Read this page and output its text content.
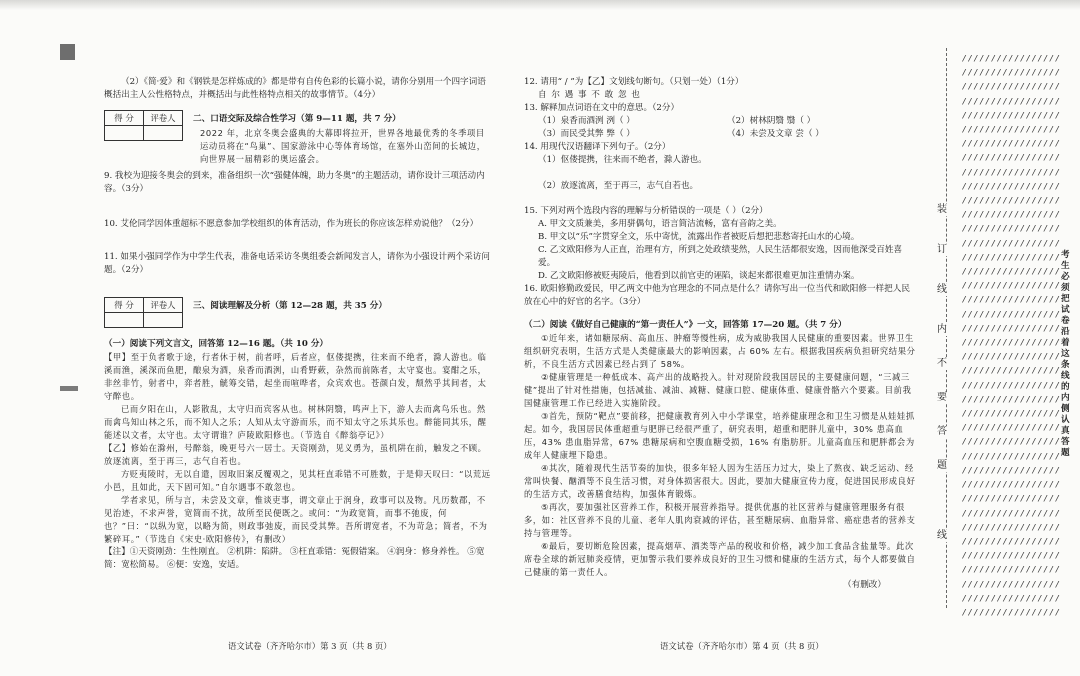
（2）《简·爱》和《钢铁是怎样炼成的》都是带有自传色彩的长篇小说，请你分别用一个四字词语概括出主人公性格特点，并概括出与此性格特点相关的故事情节。（4分）

得 分	评卷人
	二、口语交际及综合性学习（第 9—11 题，共 7 分）

2022 年，北京冬奥会盛典的大幕即将拉开，世界各地最优秀的冬季项目运动员将在“鸟巢”、国家游泳中心等体育场馆，在塞外山峦间的长城边，向世界展一届精彩的奥运盛会。

9. 我校为迎接冬奥会的到来，准备组织一次“强健体魄，助力冬奥”的主题活动，请你设计三项活动内容。（3分）

10. 艾伦同学因体重超标不愿意参加学校组织的体育活动，作为班长的你应该怎样劝说他？（2分）

11. 如果小强同学作为中学生代表，准备电话采访冬奥组委会新闻发言人，请你为小强设计两个采访问题。（2分）

得 分	评卷人
	三、阅读理解及分析（第 12—28 题，共 35 分）

（一）阅读下列文言文，回答第 12—16 题。（共 10 分）

【甲】至于负者歌于途，行者休于树，前者呼，后者应，伛偻提携，往来而不绝者，滁人游也。临溪而渔，溪深而鱼肥，酿泉为酒，泉香而酒洌，山肴野蔌，杂然而前陈者，太守宴也。宴酣之乐，非丝非竹，射者中，弈者胜，觥筹交错，起坐而喧哗者，众宾欢也。苍颜白发，颓然乎其间者，太守醉也。

已而夕阳在山，人影散乱，太守归而宾客从也。树林阴翳，鸣声上下，游人去而禽鸟乐也。然而禽鸟知山林之乐，而不知人之乐；人知从太守游而乐，而不知太守之乐其乐也。醉能同其乐，醒能述以文者，太守也。太守谓谁？庐陵欧阳修也。（节选自《醉翁亭记》）

【乙】修始在滁州，号醉翁，晚更号六一居士。天资刚劲，见义勇为，虽机阱在前，触发之不顾。放逐流离，至于再三，志气自若也。

方贬夷陵时，无以自遣，因取旧案反覆观之，见其枉直乖错不可胜数，于是仰天叹曰：“以荒远小邑，且如此，天下固可知。”自尔遇事不敢忽也。

学者求见，所与言，未尝及文章，惟谈吏事，谓文章止于润身，政事可以及物。凡历数郡，不见治迹，不求声誉，宽简而不扰，故所至民便既之。或问：“为政宽简，而事不弛废，何也？”曰：“以纵为宽，以略为简，则政事弛废，而民受其弊。吾所谓宽者，不为苛急；简者，不为繁碎耳。”（节选自《宋史·欧阳修传》，有删改）

【注】①天资刚劲：生性刚直。 ②机阱：陷阱。 ③枉直乖错：冤假错案。 ④润身：修身养性。 ⑤宽简：宽松简易。 ⑥便：安逸，安适。

语文试卷（齐齐哈尔市）第 3 页（共 8 页）

12. 请用“ / ”为【乙】文划线句断句。（只划一处）（1分）

自 尔 遇 事 不 敢 忽 也

13. 解释加点词语在文中的意思。（2分）

（1）泉香而酒洌 洌（ ）	（2）树林阴翳 翳（ ）
（3）而民受其弊 弊（ ）	（4）未尝及文章 尝（ ）

14. 用现代汉语翻译下列句子。（2分）

（1）伛偻提携，往来而不绝者，滁人游也。

（2）放逐流离，至于再三，志气自若也。

15. 下列对两个选段内容的理解与分析错误的一项是（ ）（2分）

A. 甲文文质兼美，多用骈偶句，语言简洁流畅，富有音韵之美。

B. 甲文以“乐”字贯穿全文，乐中寄忧，流露出作者被贬后想把悲愁寄托山水的心境。

C. 乙文欧阳修为人正直，治理有方，所到之处政绩斐然，人民生活都很安逸，因而他深受百姓喜爱。

D. 乙文欧阳修被贬夷陵后，他看到以前官吏的诬陷，谈起来都很难更加注重情办案。

16. 欧阳修勤政爱民，甲乙两文中他为官理念的不同点是什么？请你写出一位当代和欧阳修一样把人民放在心中的好官的名字。（3分）

（二）阅读《做好自己健康的“第一责任人”》一文，回答第 17—20 题。（共 7 分）

①近年来，诸如糖尿病、高血压、肿瘤等慢性病，成为威胁我国人民健康的重要因素。世界卫生组织研究表明，生活方式是人类健康最大的影响因素，占 60% 左右。根据我国疾病负担研究结果分析，不良生活方式因素已经占到了 58%。

②健康管理是一种低成本、高产出的战略投入。针对现阶段我国居民的主要健康问题，“三减三健”提出了针对性措施，包括减盐、减油、减糖、健康口腔、健康体重、健康骨骼六个要素。目前我国健康管理工作已经进入实施阶段。

③首先，预防“靶点”要前移，把健康教育列入中小学课堂，培养健康理念和卫生习惯是从娃娃抓起。如今，我国居民体重超重与肥胖已经很严重了，研究表明，超重和肥胖儿童中，30% 患高血压，43% 患血脂异常，67% 患糖尿病和空腹血糖受损，16% 有脂肪肝。儿童高血压和肥胖都会为成年人健康埋下隐患。

④其次，随着现代生活节奏的加快，很多年轻人因为生活压力过大，染上了熬夜、缺乏运动、经常叫快餐、酗酒等不良生活习惯，对身体损害很大。因此，要加大健康宣传力度，促进国民形成良好的生活方式，改善膳食结构，加强体育锻炼。

⑤再次，要加强社区营养工作，积极开展营养指导。提供优惠的社区营养与健康管理服务有很多，如：社区营养不良的儿童、老年人肌肉衰减的评估，甚至糖尿病、血脂异常、癌症患者的营养支持与管理等。

⑥最后，要切断危险因素，提高烟草、酒类等产品的税收和价格，减少加工食品含盐量等。此次席卷全球的新冠肺炎疫情，更加警示我们要养成良好的卫生习惯和健康的生活方式，每个人都要做自己健康的第一责任人。

（有删改）

语文试卷（齐齐哈尔市）第 4 页（共 8 页）
装
订
线
内
不
要
答
题
线
/////////////////
/////////////////
/////////////////
/////////////////
/////////////////
/////////////////
/////////////////
/////////////////
/////////////////
/////////////////
/////////////////
/////////////////
/////////////////
/////////////////
/////////////////
/////////////////
/////////////////
/////////////////
/////////////////
/////////////////
/////////////////
/////////////////
/////////////////
/////////////////
/////////////////
/////////////////
/////////////////
/////////////////
/////////////////
/////////////////
/////////////////
/////////////////
/////////////////
/////////////////
/////////////////
/////////////////
/////////////////
/////////////////
/////////////////
/////////////////
考生必须把试卷沿着这条线的内侧认真答题
